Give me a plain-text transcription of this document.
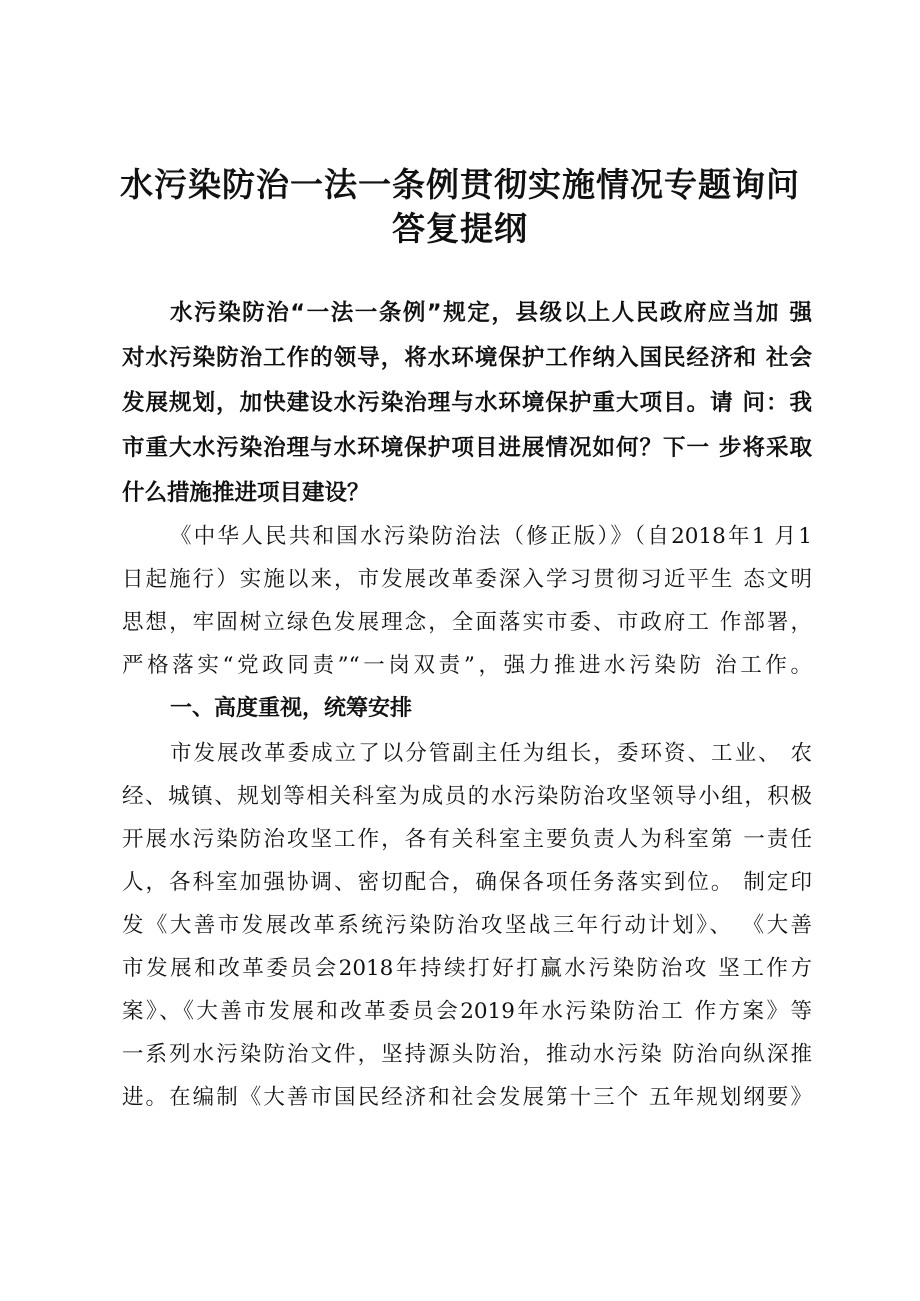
水污染防治一法一条例贯彻实施情况专题询问
答复提纲
水污染防治“一法一条例”规定，县级以上人民政府应当加 强
对水污染防治工作的领导，将水环境保护工作纳入国民经济和 社会
发展规划，加快建设水污染治理与水环境保护重大项目。请 问：我
市重大水污染治理与水环境保护项目进展情况如何？下一 步将采取
什么措施推进项目建设？
《中华人民共和国水污染防治法（修正版）》（自2018年1 月1
日起施行）实施以来，市发展改革委深入学习贯彻习近平生 态文明
思想，牢固树立绿色发展理念，全面落实市委、市政府工 作部署，
严格落实“党政同责”“一岗双责”，强力推进水污染防 治工作。
一、高度重视，统筹安排
市发展改革委成立了以分管副主任为组长，委环资、工业、 农
经、城镇、规划等相关科室为成员的水污染防治攻坚领导小组，积极
开展水污染防治攻坚工作，各有关科室主要负责人为科室第 一责任
人，各科室加强协调、密切配合，确保各项任务落实到位。 制定印
发《大善市发展改革系统污染防治攻坚战三年行动计划》、 《大善
市发展和改革委员会2018年持续打好打赢水污染防治攻 坚工作方
案》、《大善市发展和改革委员会2019年水污染防治工 作方案》等
一系列水污染防治文件，坚持源头防治，推动水污染 防治向纵深推
进。在编制《大善市国民经济和社会发展第十三个 五年规划纲要》
